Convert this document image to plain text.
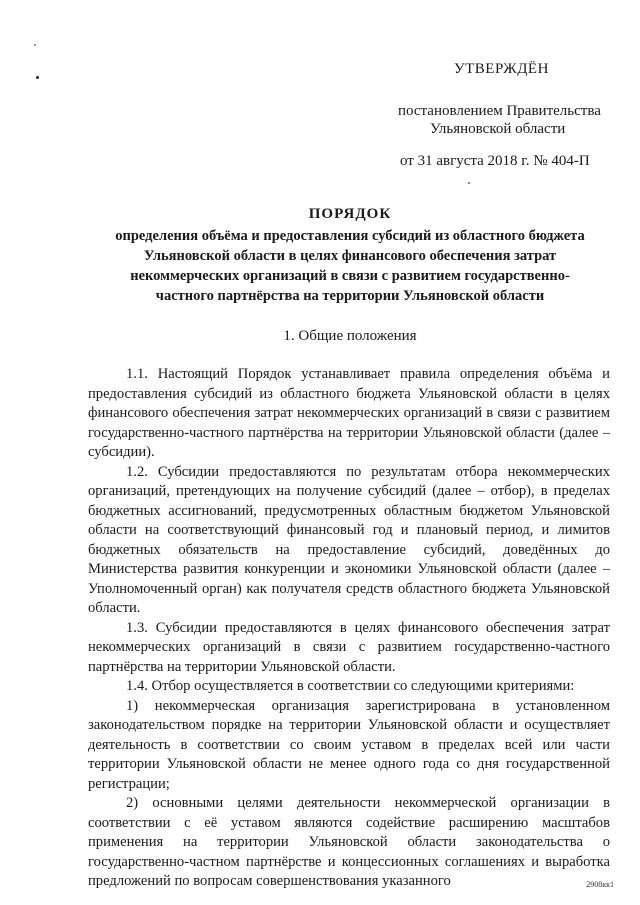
УТВЕРЖДЁН
постановлением Правительства
Ульяновской области
от 31 августа 2018 г. № 404-П
ПОРЯДОК
определения объёма и предоставления субсидий из областного бюджета
Ульяновской области в целях финансового обеспечения затрат
некоммерческих организаций в связи с развитием государственно-
частного партнёрства на территории Ульяновской области
1. Общие положения

1.1. Настоящий Порядок устанавливает правила определения объёма и предоставления субсидий из областного бюджета Ульяновской области в целях финансового обеспечения затрат некоммерческих организаций в связи с развитием государственно-частного партнёрства на территории Ульяновской области (далее – субсидии).

1.2. Субсидии предоставляются по результатам отбора некоммерческих организаций, претендующих на получение субсидий (далее – отбор), в пределах бюджетных ассигнований, предусмотренных областным бюджетом Ульяновской области на соответствующий финансовый год и плановый период, и лимитов бюджетных обязательств на предоставление субсидий, доведённых до Министерства развития конкуренции и экономики Ульяновской области (далее – Уполномоченный орган) как получателя средств областного бюджета Ульяновской области.

1.3. Субсидии предоставляются в целях финансового обеспечения затрат некоммерческих организаций в связи с развитием государственно-частного партнёрства на территории Ульяновской области.

1.4. Отбор осуществляется в соответствии со следующими критериями:

1) некоммерческая организация зарегистрирована в установленном законодательством порядке на территории Ульяновской области и осуществляет деятельность в соответствии со своим уставом в пределах всей или части территории Ульяновской области не менее одного года со дня государственной регистрации;

2) основными целями деятельности некоммерческой организации в соответствии с её уставом являются содействие расширению масштабов применения на территории Ульяновской области законодательства о государственно-частном партнёрстве и концессионных соглашениях и выработка предложений по вопросам совершенствования указанного	2908кк1
